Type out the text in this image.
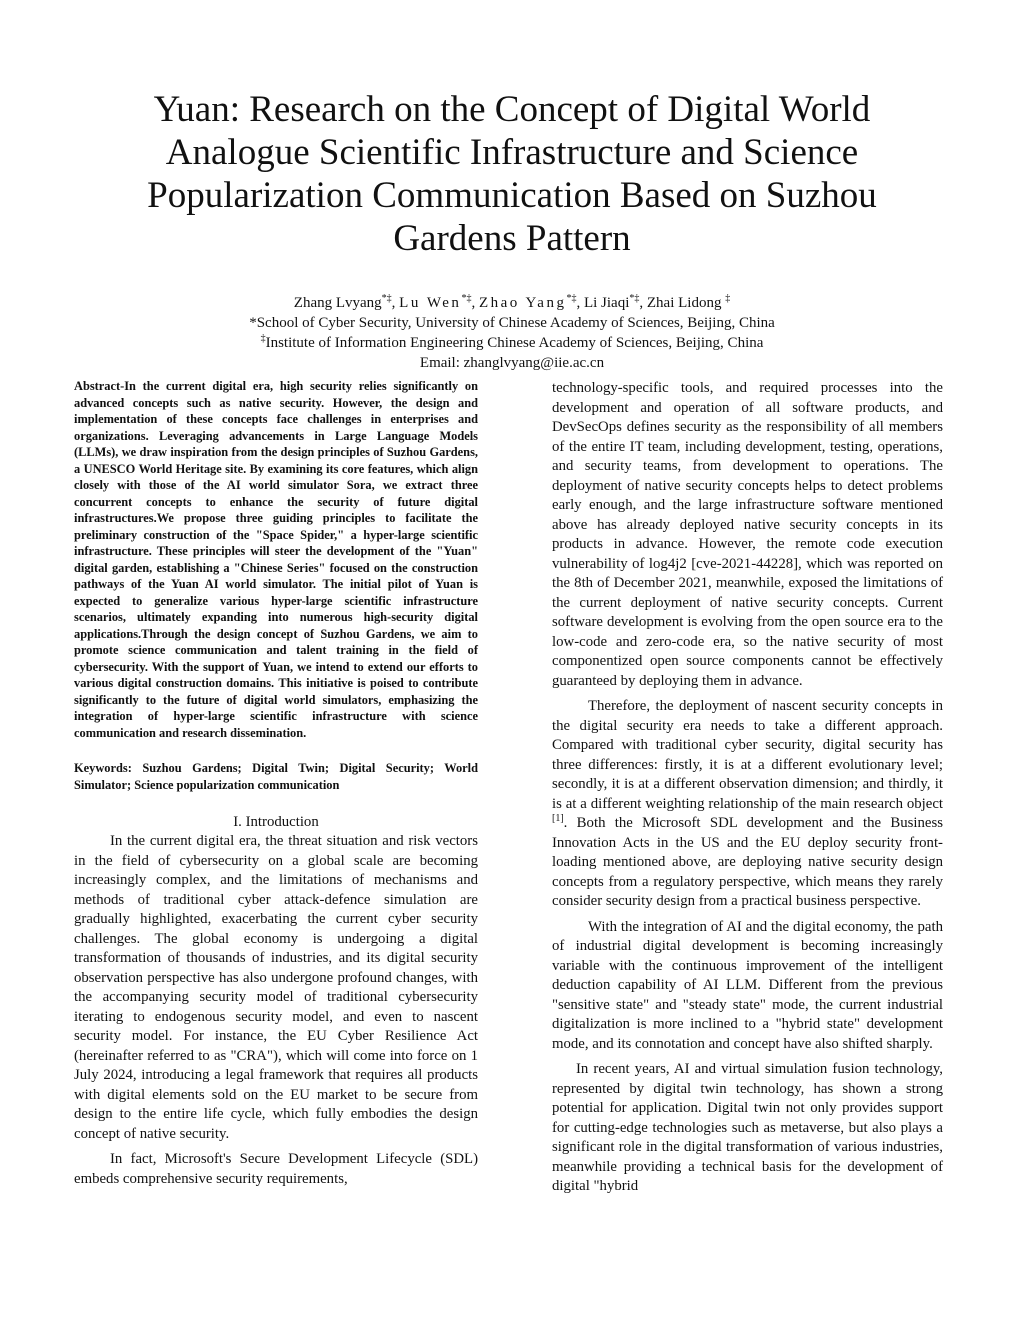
Yuan: Research on the Concept of Digital World
Analogue Scientific Infrastructure and Science
Popularization Communication Based on Suzhou
Gardens Pattern
Zhang Lvyang*‡, Lu Wen*‡, Zhao Yang*‡, Li Jiaqi*‡, Zhai Lidong ‡
*School of Cyber Security, University of Chinese Academy of Sciences, Beijing, China
‡Institute of Information Engineering Chinese Academy of Sciences, Beijing, China
Email: zhanglvyang@iie.ac.cn

Abstract-In the current digital era, high security relies significantly on advanced concepts such as native security. However, the design and implementation of these concepts face challenges in enterprises and organizations. Leveraging advancements in Large Language Models (LLMs), we draw inspiration from the design principles of Suzhou Gardens, a UNESCO World Heritage site. By examining its core features, which align closely with those of the AI world simulator Sora, we extract three concurrent concepts to enhance the security of future digital infrastructures.We propose three guiding principles to facilitate the preliminary construction of the "Space Spider," a hyper-large scientific infrastructure. These principles will steer the development of the "Yuan" digital garden, establishing a "Chinese Series" focused on the construction pathways of the Yuan AI world simulator. The initial pilot of Yuan is expected to generalize various hyper-large scientific infrastructure scenarios, ultimately expanding into numerous high-security digital applications.Through the design concept of Suzhou Gardens, we aim to promote science communication and talent training in the field of cybersecurity. With the support of Yuan, we intend to extend our efforts to various digital construction domains. This initiative is poised to contribute significantly to the future of digital world simulators, emphasizing the integration of hyper-large scientific infrastructure with science communication and research dissemination.

Keywords: Suzhou Gardens; Digital Twin; Digital Security; World Simulator; Science popularization communication

I. Introduction

In the current digital era, the threat situation and risk vectors in the field of cybersecurity on a global scale are becoming increasingly complex, and the limitations of mechanisms and methods of traditional cyber attack-defence simulation are gradually highlighted, exacerbating the current cyber security challenges. The global economy is undergoing a digital transformation of thousands of industries, and its digital security observation perspective has also undergone profound changes, with the accompanying security model of traditional cybersecurity iterating to endogenous security model, and even to nascent security model. For instance, the EU Cyber Resilience Act (hereinafter referred to as "CRA"), which will come into force on 1 July 2024, introducing a legal framework that requires all products with digital elements sold on the EU market to be secure from design to the entire life cycle, which fully embodies the design concept of native security.

In fact, Microsoft's Secure Development Lifecycle (SDL) embeds comprehensive security requirements,

technology-specific tools, and required processes into the development and operation of all software products, and DevSecOps defines security as the responsibility of all members of the entire IT team, including development, testing, operations, and security teams, from development to operations. The deployment of native security concepts helps to detect problems early enough, and the large infrastructure software mentioned above has already deployed native security concepts in its products in advance. However, the remote code execution vulnerability of log4j2 [cve-2021-44228], which was reported on the 8th of December 2021, meanwhile, exposed the limitations of the current deployment of native security concepts. Current software development is evolving from the open source era to the low-code and zero-code era, so the native security of most componentized open source components cannot be effectively guaranteed by deploying them in advance.

Therefore, the deployment of nascent security concepts in the digital security era needs to take a different approach. Compared with traditional cyber security, digital security has three differences: firstly, it is at a different evolutionary level; secondly, it is at a different observation dimension; and thirdly, it is at a different weighting relationship of the main research object [1]. Both the Microsoft SDL development and the Business Innovation Acts in the US and the EU deploy security front-loading mentioned above, are deploying native security design concepts from a regulatory perspective, which means they rarely consider security design from a practical business perspective.

With the integration of AI and the digital economy, the path of industrial digital development is becoming increasingly variable with the continuous improvement of the intelligent deduction capability of AI LLM. Different from the previous "sensitive state" and "steady state" mode, the current industrial digitalization is more inclined to a "hybrid state" development mode, and its connotation and concept have also shifted sharply.

In recent years, AI and virtual simulation fusion technology, represented by digital twin technology, has shown a strong potential for application. Digital twin not only provides support for cutting-edge technologies such as metaverse, but also plays a significant role in the digital transformation of various industries, meanwhile providing a technical basis for the development of digital "hybrid
